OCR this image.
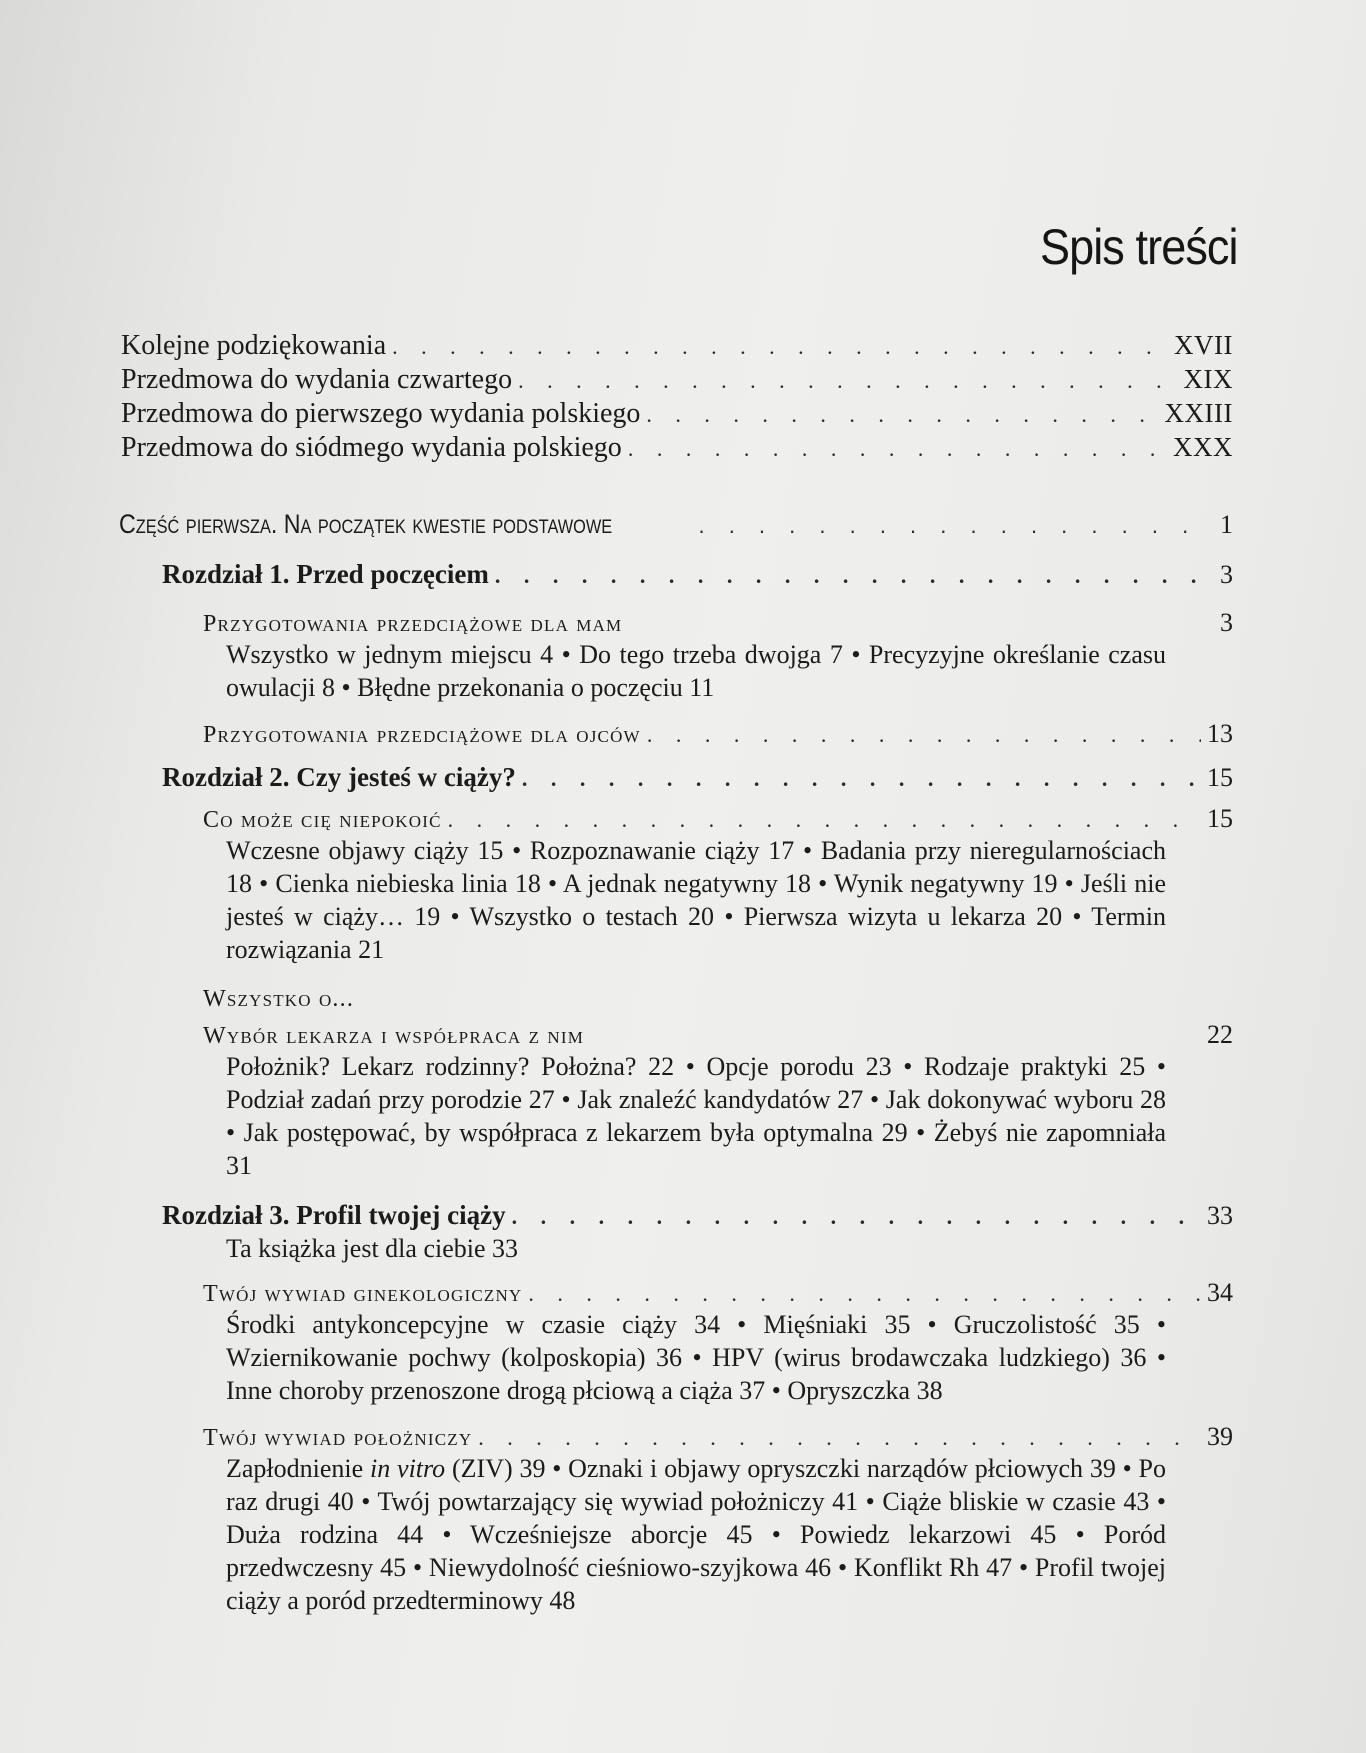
Spis treści
Kolejne podziękowania . . .	XVII
Przedmowa do wydania czwartego . . .	XIX
Przedmowa do pierwszego wydania polskiego . . .	XXIII
Przedmowa do siódmego wydania polskiego . . .	XXX
Część pierwsza. Na początek kwestie podstawowe . . .	1
Rozdział 1. Przed poczęciem . . .	3
Przygotowania przedciążowe dla mam	3
Wszystko w jednym miejscu 4 • Do tego trzeba dwojga 7 • Precyzyjne określanie czasu owulacji 8 • Błędne przekonania o poczęciu 11
Przygotowania przedciążowe dla ojców . . .	13
Rozdział 2. Czy jesteś w ciąży? . . .	15
Co może cię niepokoić . . .	15
Wczesne objawy ciąży 15 • Rozpoznawanie ciąży 17 • Badania przy nieregularnościach 18 • Cienka niebieska linia 18 • A jednak negatywny 18 • Wynik negatywny 19 • Jeśli nie jesteś w ciąży… 19 • Wszystko o testach 20 • Pierwsza wizyta u lekarza 20 • Termin rozwiązania 21
Wszystko o...
Wybór lekarza i współpraca z nim	22
Położnik? Lekarz rodzinny? Położna? 22 • Opcje porodu 23 • Rodzaje praktyki 25 • Podział zadań przy porodzie 27 • Jak znaleźć kandydatów 27 • Jak dokonywać wyboru 28 • Jak postępować, by współpraca z lekarzem była optymalna 29 • Żebyś nie zapomniała 31
Rozdział 3. Profil twojej ciąży . . .	33
Ta książka jest dla ciebie 33
Twój wywiad ginekologiczny . . .	34
Środki antykoncepcyjne w czasie ciąży 34 • Mięśniaki 35 • Gruczolistość 35 • Wziernikowanie pochwy (kolposkopia) 36 • HPV (wirus brodawczaka ludzkiego) 36 • Inne choroby przenoszone drogą płciową a ciąża 37 • Opryszczka 38
Twój wywiad położniczy . . .	39
Zapłodnienie in vitro (ZIV) 39 • Oznaki i objawy opryszczki narządów płciowych 39 • Po raz drugi 40 • Twój powtarzający się wywiad położniczy 41 • Ciąże bliskie w czasie 43 • Duża rodzina 44 • Wcześniejsze aborcje 45 • Powiedz lekarzowi 45 • Poród przedwczesny 45 • Niewydolność cieśniowo-szyjkowa 46 • Konflikt Rh 47 • Profil twojej ciąży a poród przedterminowy 48
